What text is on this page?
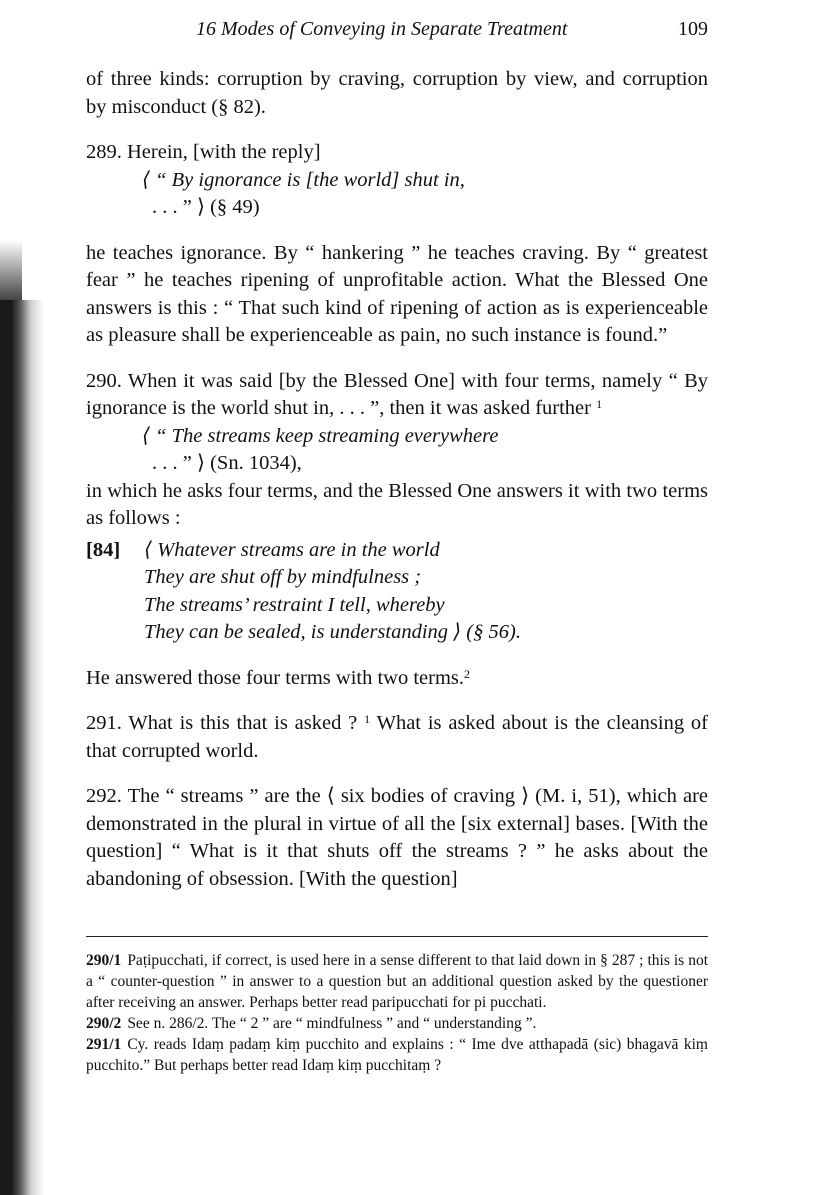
16 Modes of Conveying in Separate Treatment	109

of three kinds: corruption by craving, corruption by view, and corruption by misconduct (§ 82).

289. Herein, [with the reply]

⟨ “ By ignorance is [the world] shut in,
. . . ” ⟩ (§ 49)

he teaches ignorance. By “ hankering ” he teaches craving. By “ greatest fear ” he teaches ripening of unprofitable action. What the Blessed One answers is this : “ That such kind of ripening of action as is experienceable as pleasure shall be experienceable as pain, no such instance is found.”

290. When it was said [by the Blessed One] with four terms, namely “ By ignorance is the world shut in, . . . ”, then it was asked further $^1$

⟨ “ The streams keep streaming everywhere
. . . ” ⟩ (Sn. 1034),

in which he asks four terms, and the Blessed One answers it with two terms as follows :

[84] ⟨ Whatever streams are in the world
They are shut off by mindfulness ;
The streams’ restraint I tell, whereby
They can be sealed, is understanding ⟩ (§ 56).

He answered those four terms with two terms.$^2$

291. What is this that is asked ? $^1$ What is asked about is the cleansing of that corrupted world.

292. The “ streams ” are the ⟨ six bodies of craving ⟩ (M. i, 51), which are demonstrated in the plural in virtue of all the [six external] bases. [With the question] “ What is it that shuts off the streams ? ” he asks about the abandoning of obsession. [With the question]

290/1 Paṭipucchati, if correct, is used here in a sense different to that laid down in § 287 ; this is not a “ counter-question ” in answer to a question but an additional question asked by the questioner after receiving an answer. Perhaps better read paripucchati for pi pucchati.

290/2 See n. 286/2. The “ 2 ” are “ mindfulness ” and “ understanding ”.

291/1 Cy. reads Idaṃ padaṃ kiṃ pucchito and explains : “ Ime dve atthapadā (sic) bhagavā kiṃ pucchito.” But perhaps better read Idaṃ kiṃ pucchitaṃ ?
